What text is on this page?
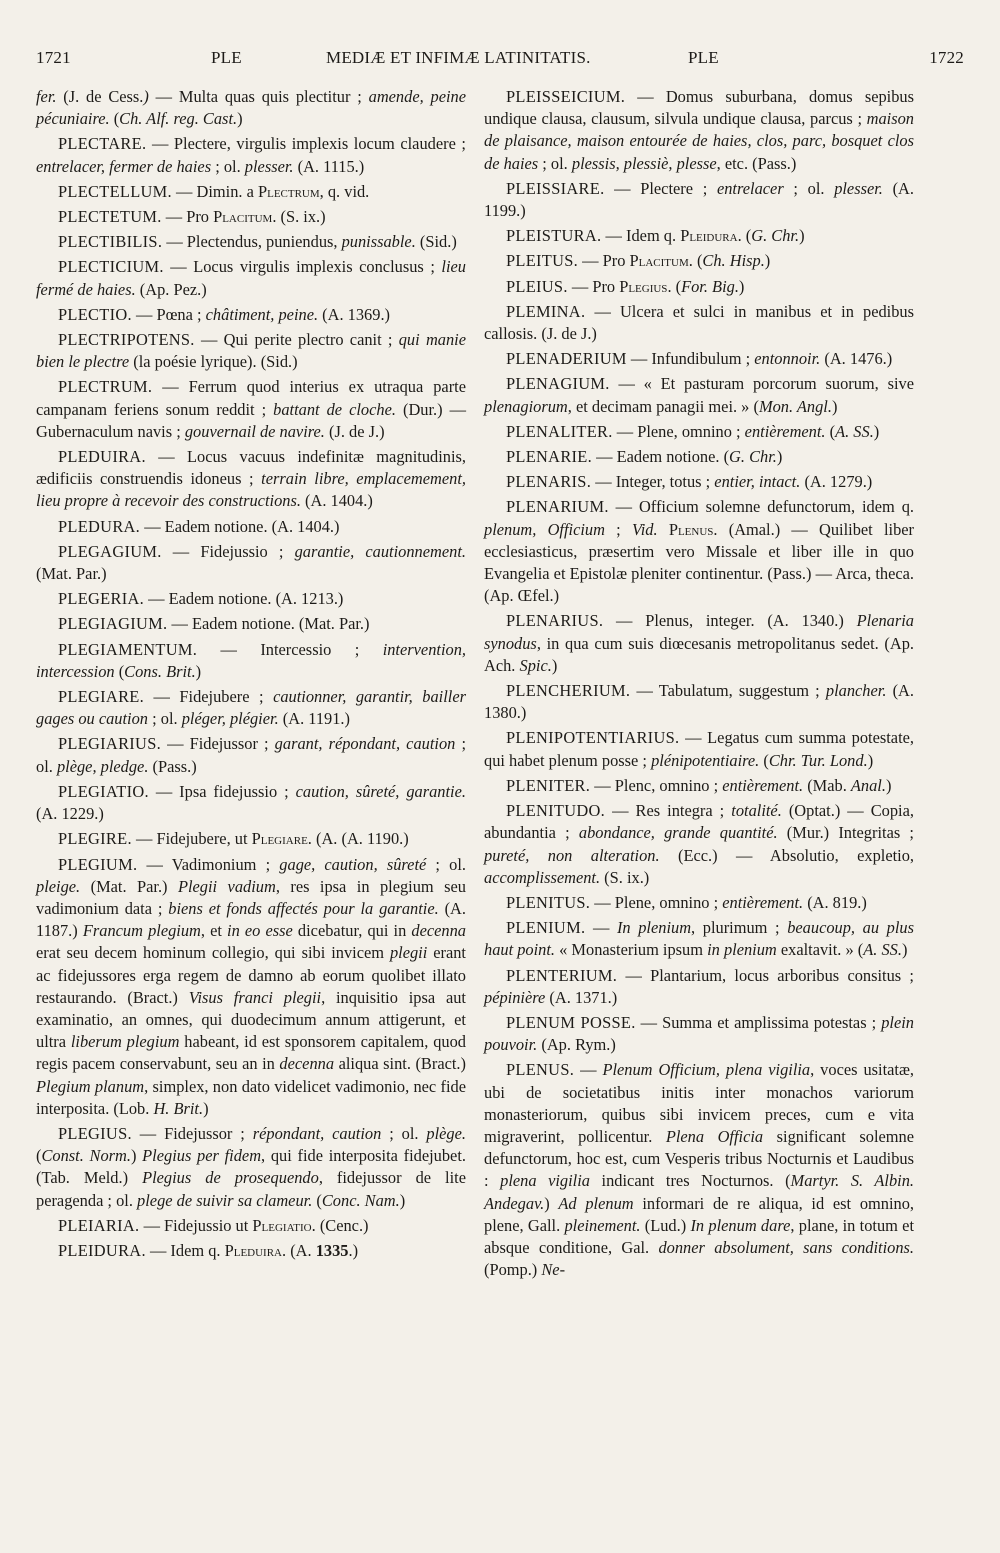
1721	PLE	MEDIÆ ET INFIMÆ LATINITATIS.	PLE	1722

fer. (J. de Cess.) — Multa quas quis plectitur ; amende, peine pécuniaire. (Ch. Alf. reg. Cast.)

PLECTARE. — Plectere, virgulis implexis locum claudere ; entrelacer, fermer de haies ; ol. plesser. (A. 1115.)

PLECTELLUM. — Dimin. a Plectrum, q. vid.

PLECTETUM. — Pro Placitum. (S. ix.)

PLECTIBILIS. — Plectendus, puniendus, punissable. (Sid.)

PLECTICIUM. — Locus virgulis implexis conclusus ; lieu fermé de haies. (Ap. Pez.)

PLECTIO. — Pœna ; châtiment, peine. (A. 1369.)

PLECTRIPOTENS. — Qui perite plectro canit ; qui manie bien le plectre (la poésie lyrique). (Sid.)

PLECTRUM. — Ferrum quod interius ex utraqua parte campanam feriens sonum reddit ; battant de cloche. (Dur.) — Gubernaculum navis ; gouvernail de navire. (J. de J.)

PLEDUIRA. — Locus vacuus indefinitæ magnitudinis, ædificiis construendis idoneus ; terrain libre, emplacemement, lieu propre à recevoir des constructions. (A. 1404.)

PLEDURA. — Eadem notione. (A. 1404.)

PLEGAGIUM. — Fidejussio ; garantie, cautionnement. (Mat. Par.)

PLEGERIA. — Eadem notione. (A. 1213.)

PLEGIAGIUM. — Eadem notione. (Mat. Par.)

PLEGIAMENTUM. — Intercessio ; intervention, intercession (Cons. Brit.)

PLEGIARE. — Fidejubere ; cautionner, garantir, bailler gages ou caution ; ol. pléger, plégier. (A. 1191.)

PLEGIARIUS. — Fidejussor ; garant, répondant, caution ; ol. plège, pledge. (Pass.)

PLEGIATIO. — Ipsa fidejussio ; caution, sûreté, garantie. (A. 1229.)

PLEGIRE. — Fidejubere, ut Plegiare. (A. (A. 1190.)

PLEGIUM. — Vadimonium ; gage, caution, sûreté ; ol. pleige. (Mat. Par.) Plegii vadium, res ipsa in plegium seu vadimonium data ; biens et fonds affectés pour la garantie. (A. 1187.) Francum plegium, et in eo esse dicebatur, qui in decenna erat seu decem hominum collegio, qui sibi invicem plegii erant ac fidejussores erga regem de damno ab eorum quolibet illato restaurando. (Bract.) Visus franci plegii, inquisitio ipsa aut examinatio, an omnes, qui duodecimum annum attigerunt, et ultra liberum plegium habeant, id est sponsorem capitalem, quod regis pacem conservabunt, seu an in decenna aliqua sint. (Bract.) Plegium planum, simplex, non dato videlicet vadimonio, nec fide interposita. (Lob. H. Brit.)

PLEGIUS. — Fidejussor ; répondant, caution ; ol. plège. (Const. Norm.) Plegius per fidem, qui fide interposita fidejubet. (Tab. Meld.) Plegius de prosequendo, fidejussor de lite peragenda ; ol. plege de suivir sa clameur. (Conc. Nam.)

PLEIARIA. — Fidejussio ut Plegiatio. (Cenc.)

PLEIDURA. — Idem q. Pleduira. (A. 1335.)

PLEISSEICIUM. — Domus suburbana, domus sepibus undique clausa, clausum, silvula undique clausa, parcus ; maison de plaisance, maison entourée de haies, clos, parc, bosquet clos de haies ; ol. plessis, plessiè, plesse, etc. (Pass.)

PLEISSIARE. — Plectere ; entrelacer ; ol. plesser. (A. 1199.)

PLEISTURA. — Idem q. Pleidura. (G. Chr.)

PLEITUS. — Pro Placitum. (Ch. Hisp.)

PLEIUS. — Pro Plegius. (For. Big.)

PLEMINA. — Ulcera et sulci in manibus et in pedibus callosis. (J. de J.)

PLENADERIUM — Infundibulum ; entonnoir. (A. 1476.)

PLENAGIUM. — « Et pasturam porcorum suorum, sive plenagiorum, et decimam panagii mei. » (Mon. Angl.)

PLENALITER. — Plene, omnino ; entièrement. (A. SS.)

PLENARIE. — Eadem notione. (G. Chr.)

PLENARIS. — Integer, totus ; entier, intact. (A. 1279.)

PLENARIUM. — Officium solemne defunctorum, idem q. plenum, Officium ; Vid. Plenus. (Amal.) — Quilibet liber ecclesiasticus, præsertim vero Missale et liber ille in quo Evangelia et Epistolæ pleniter continentur. (Pass.) — Arca, theca. (Ap. Œfel.)

PLENARIUS. — Plenus, integer. (A. 1340.) Plenaria synodus, in qua cum suis diœcesanis metropolitanus sedet. (Ap. Ach. Spic.)

PLENCHERIUM. — Tabulatum, suggestum ; plancher. (A. 1380.)

PLENIPOTENTIARIUS. — Legatus cum summa potestate, qui habet plenum posse ; plénipotentiaire. (Chr. Tur. Lond.)

PLENITER. — Plenc, omnino ; entièrement. (Mab. Anal.)

PLENITUDO. — Res integra ; totalité. (Optat.) — Copia, abundantia ; abondance, grande quantité. (Mur.) Integritas ; pureté, non alteration. (Ecc.) — Absolutio, expletio, accomplissement. (S. ix.)

PLENITUS. — Plene, omnino ; entièrement. (A. 819.)

PLENIUM. — In plenium, plurimum ; beaucoup, au plus haut point. « Monasterium ipsum in plenium exaltavit. » (A. SS.)

PLENTERIUM. — Plantarium, locus arboribus consitus ; pépinière (A. 1371.)

PLENUM POSSE. — Summa et amplissima potestas ; plein pouvoir. (Ap. Rym.)

PLENUS. — Plenum Officium, plena vigilia, voces usitatæ, ubi de societatibus initis inter monachos variorum monasteriorum, quibus sibi invicem preces, cum e vita migraverint, pollicentur. Plena Officia significant solemne defunctorum, hoc est, cum Vesperis tribus Nocturnis et Laudibus : plena vigilia indicant tres Nocturnos. (Martyr. S. Albin. Andegav.) Ad plenum informari de re aliqua, id est omnino, plene, Gall. pleinement. (Lud.) In plenum dare, plane, in totum et absque conditione, Gal. donner absolument, sans conditions. (Pomp.) Ne-
